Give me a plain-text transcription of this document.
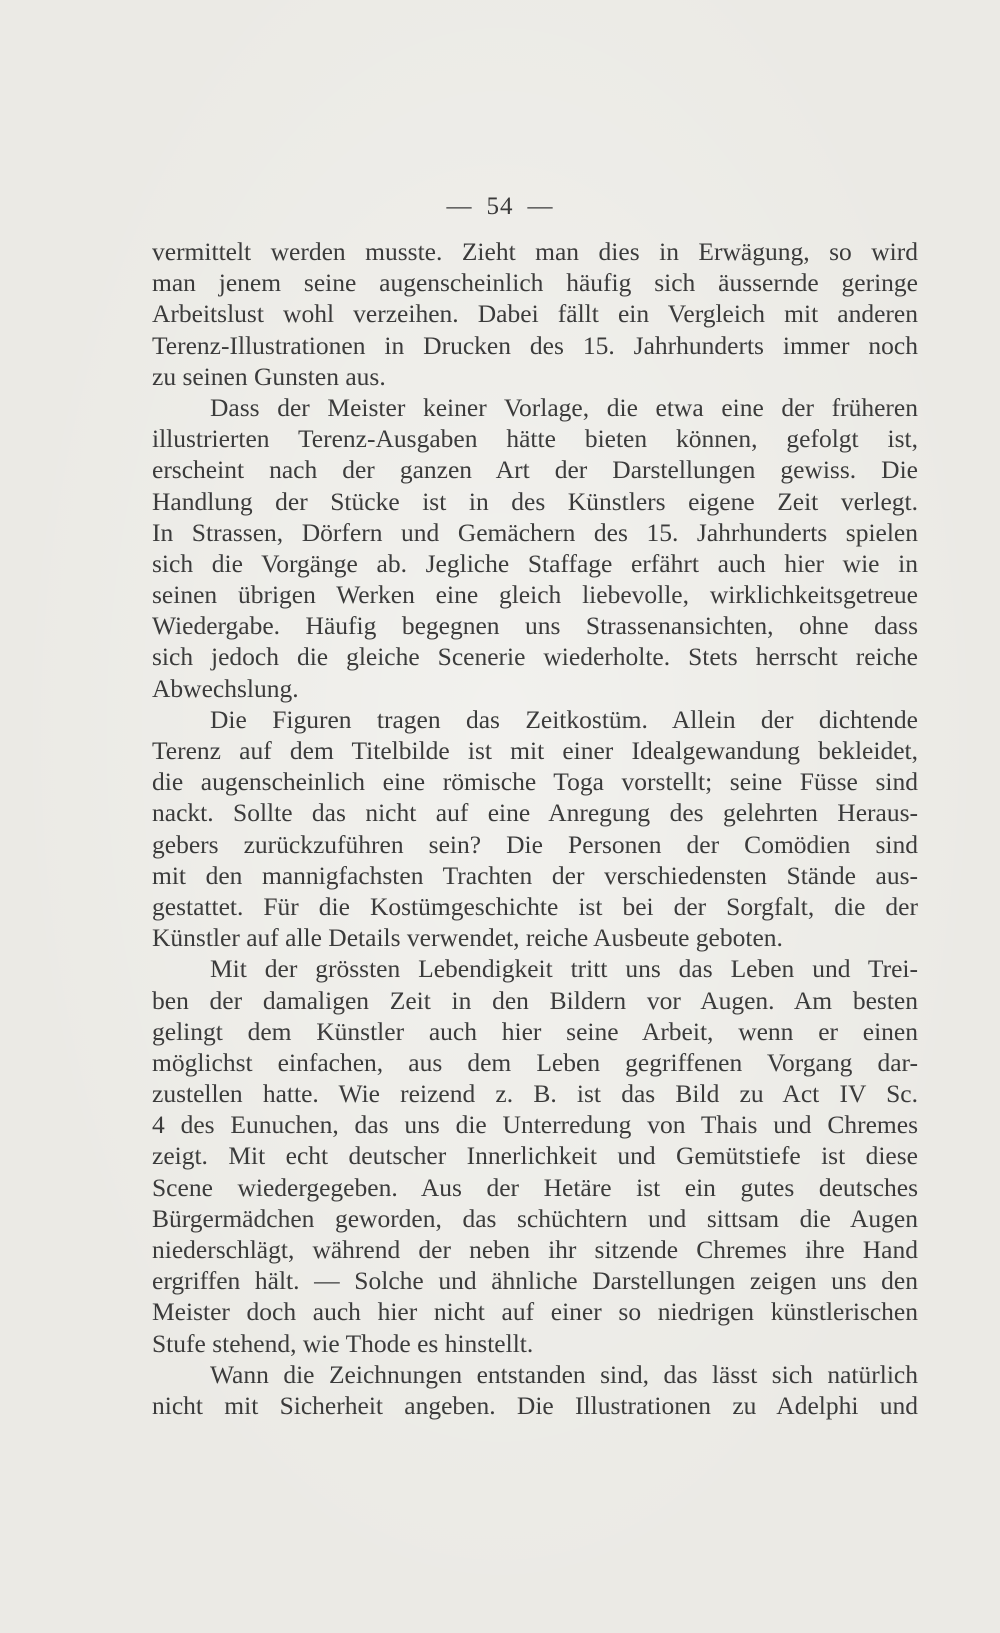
— 54 —
vermittelt werden musste. Zieht man dies in Erwägung, so wird
man jenem seine augenscheinlich häufig sich äussernde geringe
Arbeitslust wohl verzeihen. Dabei fällt ein Vergleich mit anderen
Terenz-Illustrationen in Drucken des 15. Jahrhunderts immer noch
zu seinen Gunsten aus.
Dass der Meister keiner Vorlage, die etwa eine der früheren
illustrierten Terenz-Ausgaben hätte bieten können, gefolgt ist,
erscheint nach der ganzen Art der Darstellungen gewiss. Die
Handlung der Stücke ist in des Künstlers eigene Zeit verlegt.
In Strassen, Dörfern und Gemächern des 15. Jahrhunderts spielen
sich die Vorgänge ab. Jegliche Staffage erfährt auch hier wie in
seinen übrigen Werken eine gleich liebevolle, wirklichkeitsgetreue
Wiedergabe. Häufig begegnen uns Strassenansichten, ohne dass
sich jedoch die gleiche Scenerie wiederholte. Stets herrscht reiche
Abwechslung.
Die Figuren tragen das Zeitkostüm. Allein der dichtende
Terenz auf dem Titelbilde ist mit einer Idealgewandung bekleidet,
die augenscheinlich eine römische Toga vorstellt; seine Füsse sind
nackt. Sollte das nicht auf eine Anregung des gelehrten Heraus-
gebers zurückzuführen sein? Die Personen der Comödien sind
mit den mannigfachsten Trachten der verschiedensten Stände aus-
gestattet. Für die Kostümgeschichte ist bei der Sorgfalt, die der
Künstler auf alle Details verwendet, reiche Ausbeute geboten.
Mit der grössten Lebendigkeit tritt uns das Leben und Trei-
ben der damaligen Zeit in den Bildern vor Augen. Am besten
gelingt dem Künstler auch hier seine Arbeit, wenn er einen
möglichst einfachen, aus dem Leben gegriffenen Vorgang dar-
zustellen hatte. Wie reizend z. B. ist das Bild zu Act IV Sc.
4 des Eunuchen, das uns die Unterredung von Thais und Chremes
zeigt. Mit echt deutscher Innerlichkeit und Gemütstiefe ist diese
Scene wiedergegeben. Aus der Hetäre ist ein gutes deutsches
Bürgermädchen geworden, das schüchtern und sittsam die Augen
niederschlägt, während der neben ihr sitzende Chremes ihre Hand
ergriffen hält. — Solche und ähnliche Darstellungen zeigen uns den
Meister doch auch hier nicht auf einer so niedrigen künstlerischen
Stufe stehend, wie Thode es hinstellt.
Wann die Zeichnungen entstanden sind, das lässt sich natürlich
nicht mit Sicherheit angeben. Die Illustrationen zu Adelphi und
